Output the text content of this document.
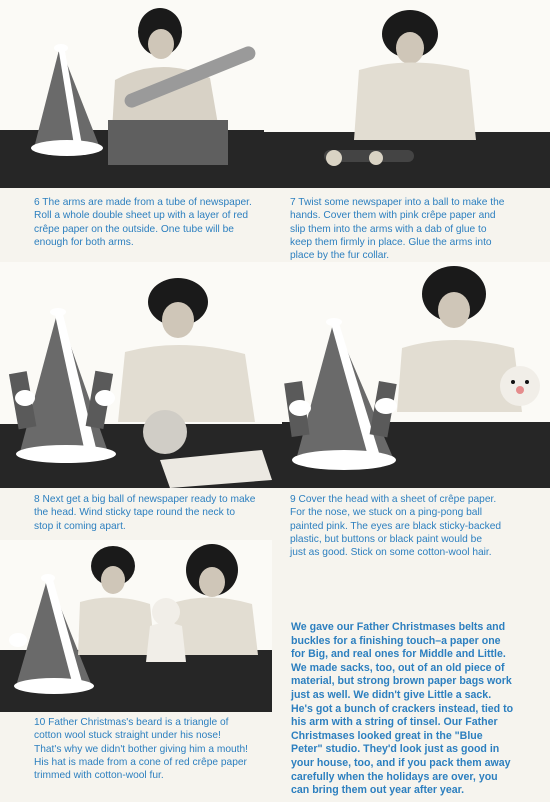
6 The arms are made from a tube of newspaper.
Roll a whole double sheet up with a layer of red
crêpe paper on the outside. One tube will be
enough for both arms.
7 Twist some newspaper into a ball to make the
hands. Cover them with pink crêpe paper and
slip them into the arms with a dab of glue to
keep them firmly in place. Glue the arms into
place by the fur collar.
8 Next get a big ball of newspaper ready to make
the head. Wind sticky tape round the neck to
stop it coming apart.
9 Cover the head with a sheet of crêpe paper.
For the nose, we stuck on a ping-pong ball
painted pink. The eyes are black sticky-backed
plastic, but buttons or black paint would be
just as good. Stick on some cotton-wool hair.
10 Father Christmas's beard is a triangle of
cotton wool stuck straight under his nose!
That's why we didn't bother giving him a mouth!
His hat is made from a cone of red crêpe paper
trimmed with cotton-wool fur.
We gave our Father Christmases belts and
buckles for a finishing touch–a paper one
for Big, and real ones for Middle and Little.
We made sacks, too, out of an old piece of
material, but strong brown paper bags work
just as well. We didn't give Little a sack.
He's got a bunch of crackers instead, tied to
his arm with a string of tinsel. Our Father
Christmases looked great in the "Blue
Peter" studio. They'd look just as good in
your house, too, and if you pack them away
carefully when the holidays are over, you
can bring them out year after year.
